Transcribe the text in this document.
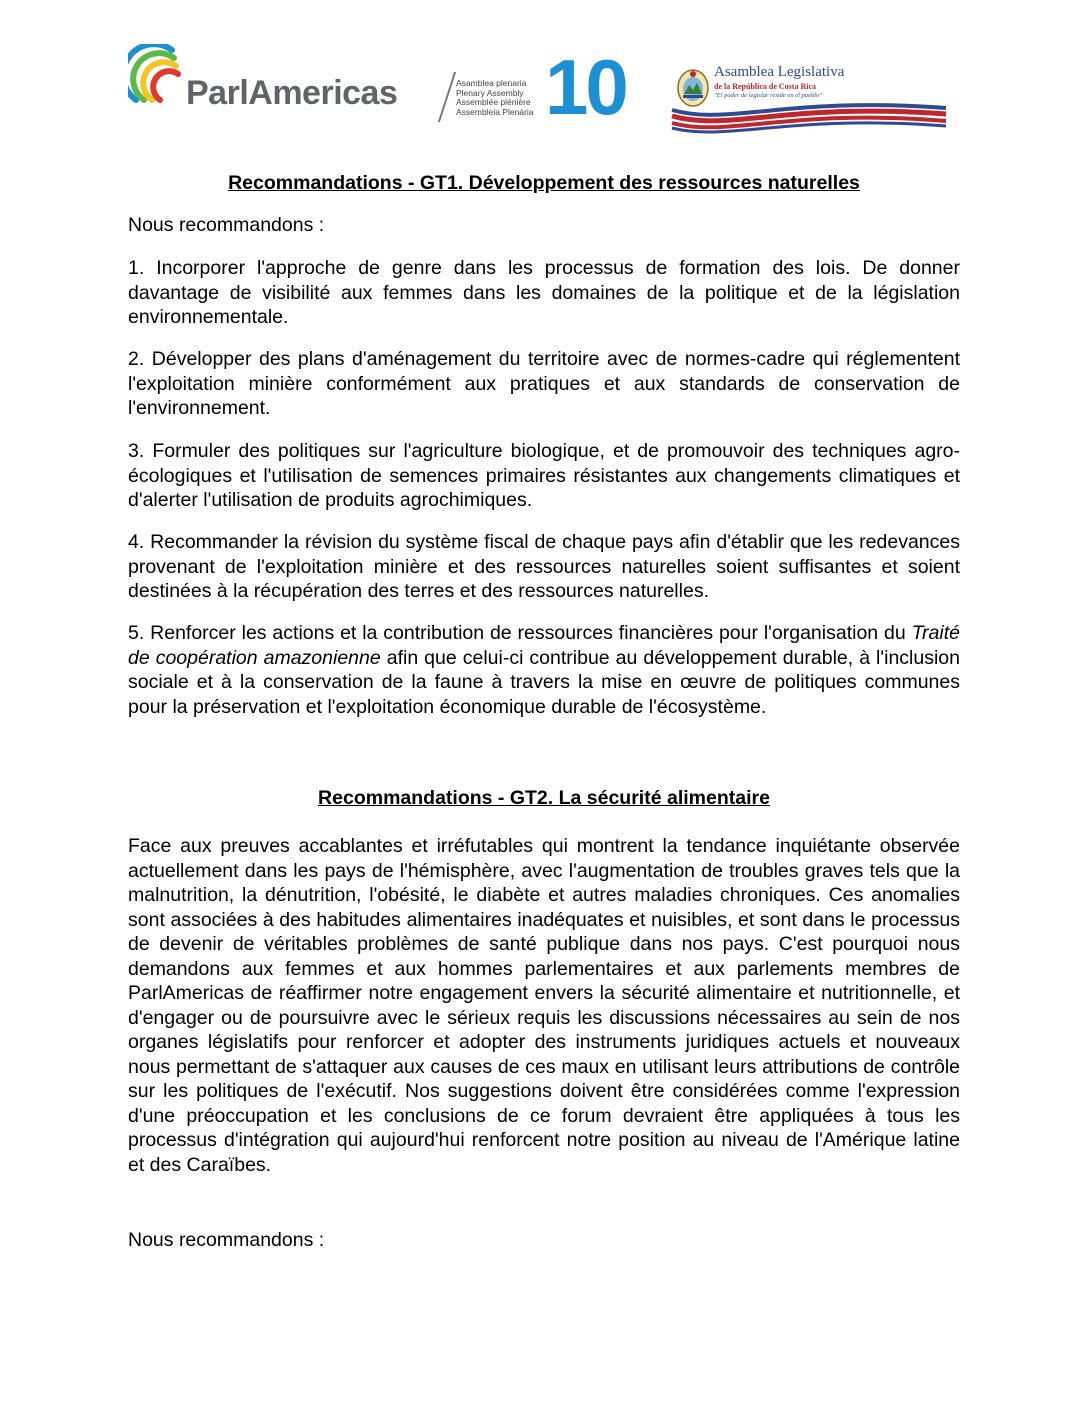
ParlAmericas	Asamblea plenaria
Plenary Assembly
Assemblée plénière
Assembleia Plenária 10	Asamblea Legislativa
de la República de Costa Rica
"El poder de legislar reside en el pueblo"
Recommandations - GT1. Développement des ressources naturelles
Nous recommandons :
1. Incorporer l'approche de genre dans les processus de formation des lois. De donner davantage de visibilité aux femmes dans les domaines de la politique et de la législation environnementale.
2. Développer des plans d'aménagement du territoire avec de normes-cadre qui réglementent l'exploitation minière conformément aux pratiques et aux standards de conservation de l'environnement.
3. Formuler des politiques sur l'agriculture biologique, et de promouvoir des techniques agro-écologiques et l'utilisation de semences primaires résistantes aux changements climatiques et d'alerter l'utilisation de produits agrochimiques.
4. Recommander la révision du système fiscal de chaque pays afin d'établir que les redevances provenant de l'exploitation minière et des ressources naturelles soient suffisantes et soient destinées à la récupération des terres et des ressources naturelles.
5. Renforcer les actions et la contribution de ressources financières pour l'organisation du Traité de coopération amazonienne afin que celui-ci contribue au développement durable, à l'inclusion sociale et à la conservation de la faune à travers la mise en œuvre de politiques communes pour la préservation et l'exploitation économique durable de l'écosystème.
Recommandations - GT2. La sécurité alimentaire
Face aux preuves accablantes et irréfutables qui montrent la tendance inquiétante observée actuellement dans les pays de l'hémisphère, avec l'augmentation de troubles graves tels que la malnutrition, la dénutrition, l'obésité, le diabète et autres maladies chroniques. Ces anomalies sont associées à des habitudes alimentaires inadéquates et nuisibles, et sont dans le processus de devenir de véritables problèmes de santé publique dans nos pays. C'est pourquoi nous demandons aux femmes et aux hommes parlementaires et aux parlements membres de ParlAmericas de réaffirmer notre engagement envers la sécurité alimentaire et nutritionnelle, et d'engager ou de poursuivre avec le sérieux requis les discussions nécessaires au sein de nos organes législatifs pour renforcer et adopter des instruments juridiques actuels et nouveaux nous permettant de s'attaquer aux causes de ces maux en utilisant leurs attributions de contrôle sur les politiques de l'exécutif. Nos suggestions doivent être considérées comme l'expression d'une préoccupation et les conclusions de ce forum devraient être appliquées à tous les processus d'intégration qui aujourd'hui renforcent notre position au niveau de l'Amérique latine et des Caraïbes.
Nous recommandons :
